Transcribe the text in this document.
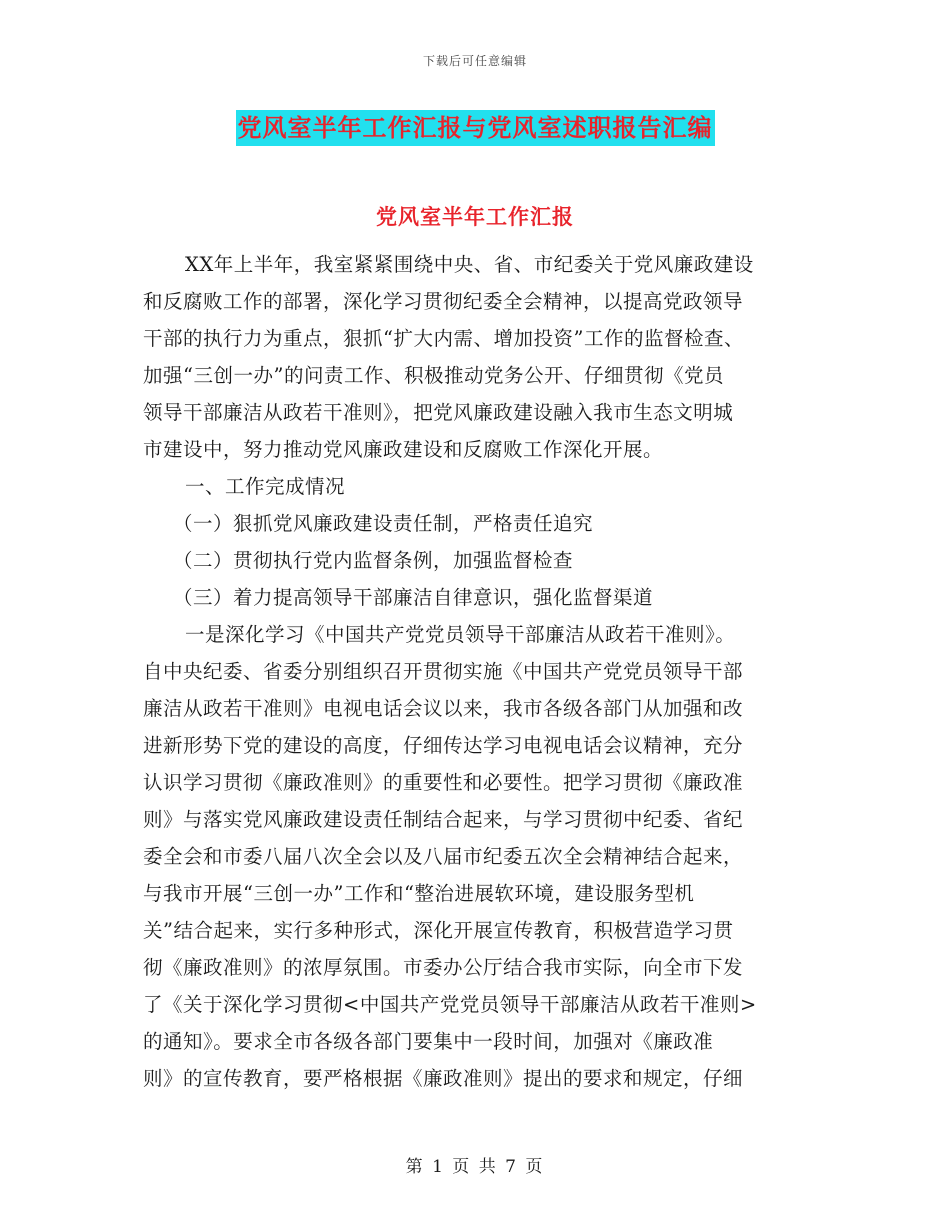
下载后可任意编辑
党风室半年工作汇报与党风室述职报告汇编
党风室半年工作汇报
XX年上半年，我室紧紧围绕中央、省、市纪委关于党风廉政建设
和反腐败工作的部署，深化学习贯彻纪委全会精神，以提高党政领导
干部的执行力为重点，狠抓“扩大内需、增加投资”工作的监督检查、
加强“三创一办”的问责工作、积极推动党务公开、仔细贯彻《党员
领导干部廉洁从政若干准则》，把党风廉政建设融入我市生态文明城
市建设中，努力推动党风廉政建设和反腐败工作深化开展。
一、工作完成情况
（一）狠抓党风廉政建设责任制，严格责任追究
（二）贯彻执行党内监督条例，加强监督检查
（三）着力提高领导干部廉洁自律意识，强化监督渠道
一是深化学习《中国共产党党员领导干部廉洁从政若干准则》。
自中央纪委、省委分别组织召开贯彻实施《中国共产党党员领导干部
廉洁从政若干准则》电视电话会议以来，我市各级各部门从加强和改
进新形势下党的建设的高度，仔细传达学习电视电话会议精神，充分
认识学习贯彻《廉政准则》的重要性和必要性。把学习贯彻《廉政准
则》与落实党风廉政建设责任制结合起来，与学习贯彻中纪委、省纪
委全会和市委八届八次全会以及八届市纪委五次全会精神结合起来，
与我市开展“三创一办”工作和“整治进展软环境，建设服务型机
关”结合起来，实行多种形式，深化开展宣传教育，积极营造学习贯
彻《廉政准则》的浓厚氛围。市委办公厅结合我市实际，向全市下发
了《关于深化学习贯彻<中国共产党党员领导干部廉洁从政若干准则>
的通知》。要求全市各级各部门要集中一段时间，加强对《廉政准
则》的宣传教育，要严格根据《廉政准则》提出的要求和规定，仔细
第 1 页 共 7 页
